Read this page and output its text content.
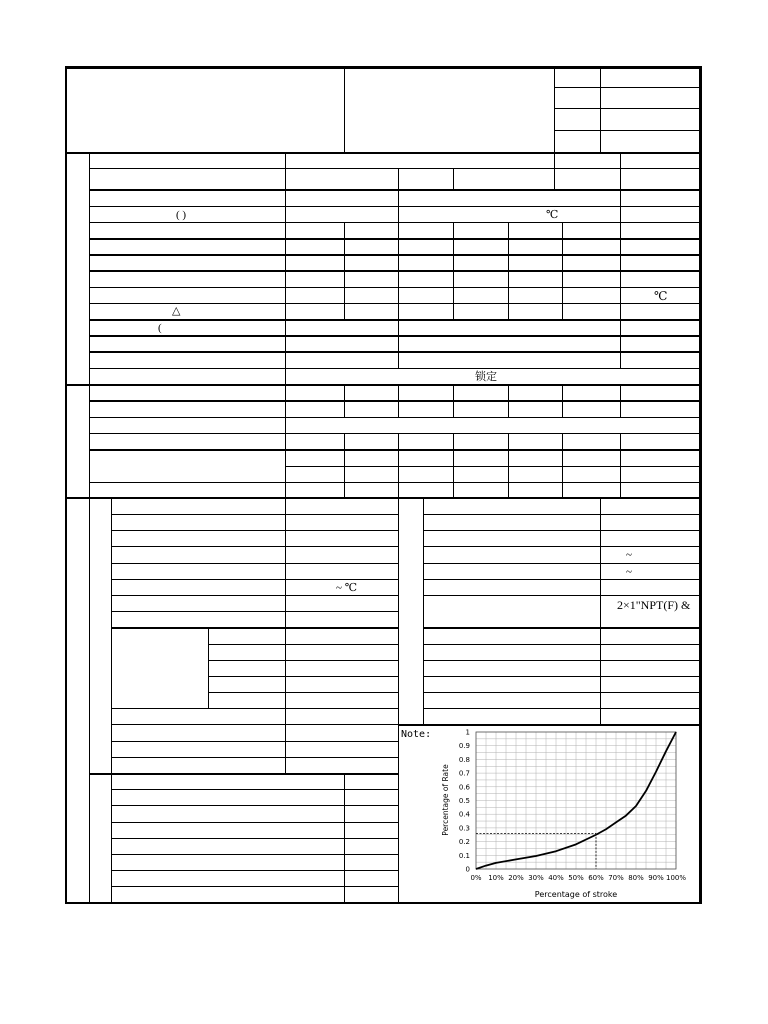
( )	℃
℃
△
(
锁定
~ ℃
~
~
2×1"NPT(F) &
Note:
0
0.1
0.2
0.3
0.4
0.5
0.6
0.7
0.8
0.9
1
0% 10% 20% 30% 40% 50% 60% 70% 80% 90% 100%
Percentage of Rate
Percentage of stroke
